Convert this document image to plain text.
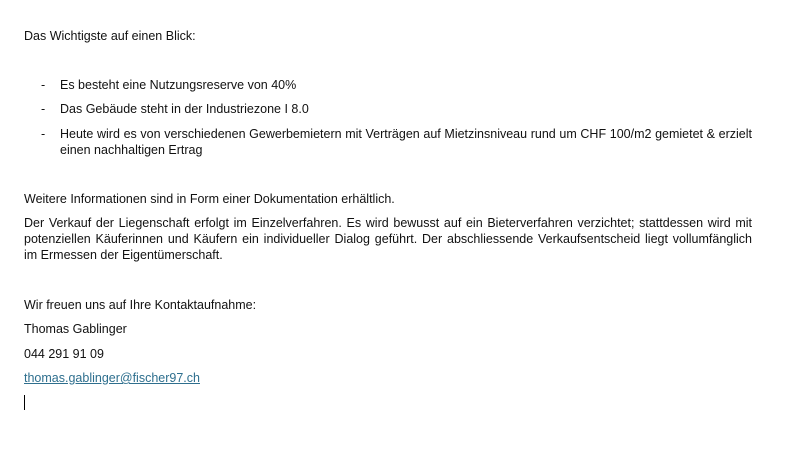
Das Wichtigste auf einen Blick:

- Es besteht eine Nutzungsreserve von 40%
- Das Gebäude steht in der Industriezone I 8.0
- Heute wird es von verschiedenen Gewerbemietern mit Verträgen auf Mietzinsniveau rund um CHF 100/m2 gemietet & erzielt einen nachhaltigen Ertrag

Weitere Informationen sind in Form einer Dokumentation erhältlich.

Der Verkauf der Liegenschaft erfolgt im Einzelverfahren. Es wird bewusst auf ein Bieterverfahren verzichtet; stattdessen wird mit potenziellen Käuferinnen und Käufern ein individueller Dialog geführt. Der abschliessende Verkaufsentscheid liegt vollumfänglich im Ermessen der Eigentümerschaft.

Wir freuen uns auf Ihre Kontaktaufnahme:

Thomas Gablinger

044 291 91 09

thomas.gablinger@fischer97.ch
